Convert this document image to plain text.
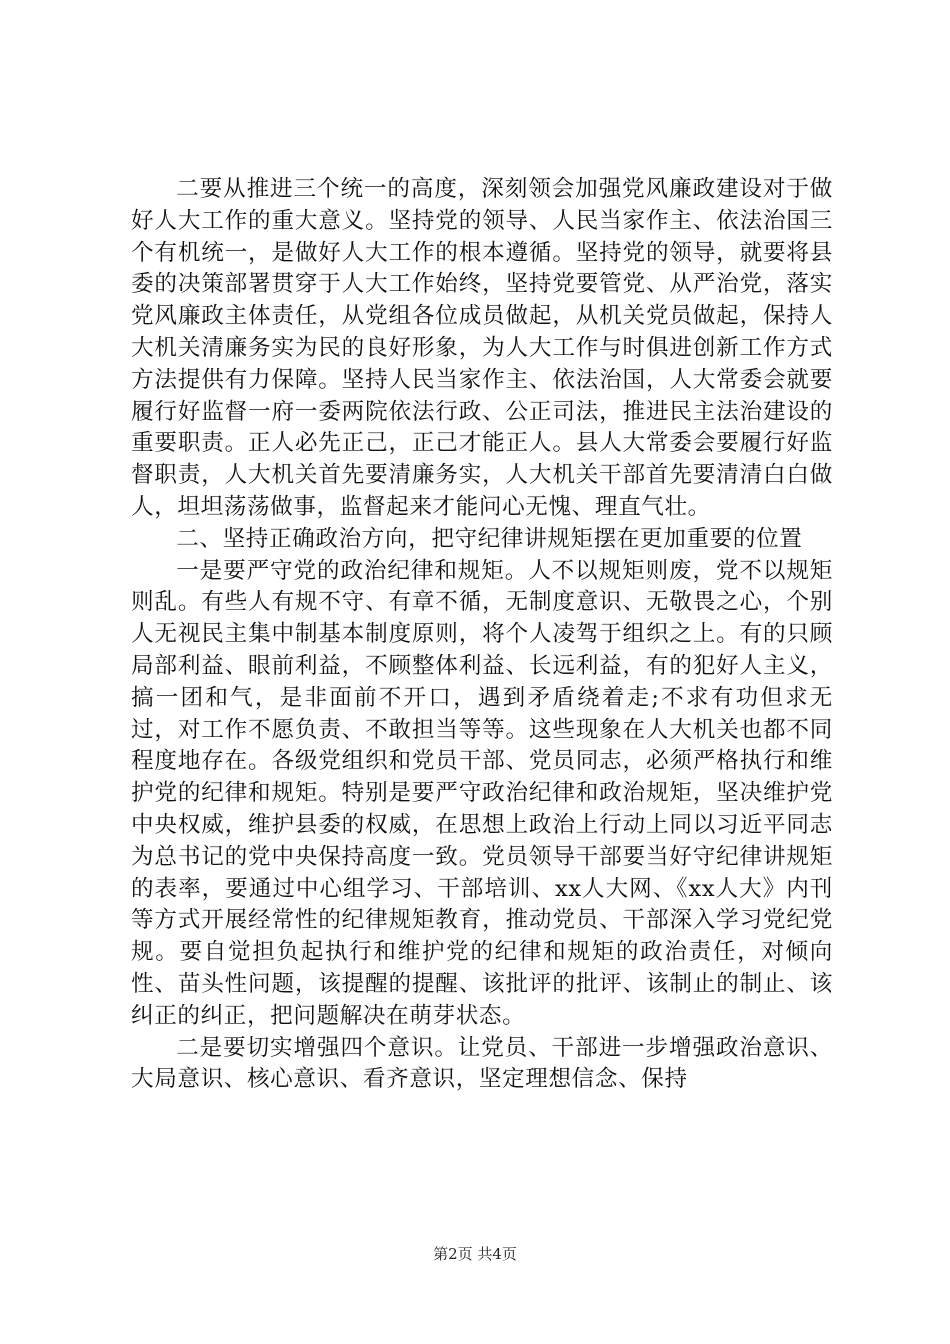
二要从推进三个统一的高度，深刻领会加强党风廉政建设对于做好人大工作的重大意义。坚持党的领导、人民当家作主、依法治国三个有机统一，是做好人大工作的根本遵循。坚持党的领导，就要将县委的决策部署贯穿于人大工作始终，坚持党要管党、从严治党，落实党风廉政主体责任，从党组各位成员做起，从机关党员做起，保持人大机关清廉务实为民的良好形象，为人大工作与时俱进创新工作方式方法提供有力保障。坚持人民当家作主、依法治国，人大常委会就要履行好监督一府一委两院依法行政、公正司法，推进民主法治建设的重要职责。正人必先正己，正己才能正人。县人大常委会要履行好监督职责，人大机关首先要清廉务实，人大机关干部首先要清清白白做人，坦坦荡荡做事，监督起来才能问心无愧、理直气壮。

二、坚持正确政治方向，把守纪律讲规矩摆在更加重要的位置

一是要严守党的政治纪律和规矩。人不以规矩则废，党不以规矩则乱。有些人有规不守、有章不循，无制度意识、无敬畏之心，个别人无视民主集中制基本制度原则，将个人凌驾于组织之上。有的只顾局部利益、眼前利益，不顾整体利益、长远利益，有的犯好人主义，搞一团和气，是非面前不开口，遇到矛盾绕着走;不求有功但求无过，对工作不愿负责、不敢担当等等。这些现象在人大机关也都不同程度地存在。各级党组织和党员干部、党员同志，必须严格执行和维护党的纪律和规矩。特别是要严守政治纪律和政治规矩，坚决维护党中央权威，维护县委的权威，在思想上政治上行动上同以习近平同志为总书记的党中央保持高度一致。党员领导干部要当好守纪律讲规矩的表率，要通过中心组学习、干部培训、xx人大网、《xx人大》内刊等方式开展经常性的纪律规矩教育，推动党员、干部深入学习党纪党规。要自觉担负起执行和维护党的纪律和规矩的政治责任，对倾向性、苗头性问题，该提醒的提醒、该批评的批评、该制止的制止、该纠正的纠正，把问题解决在萌芽状态。

二是要切实增强四个意识。让党员、干部进一步增强政治意识、大局意识、核心意识、看齐意识，坚定理想信念、保持

第2页 共4页
